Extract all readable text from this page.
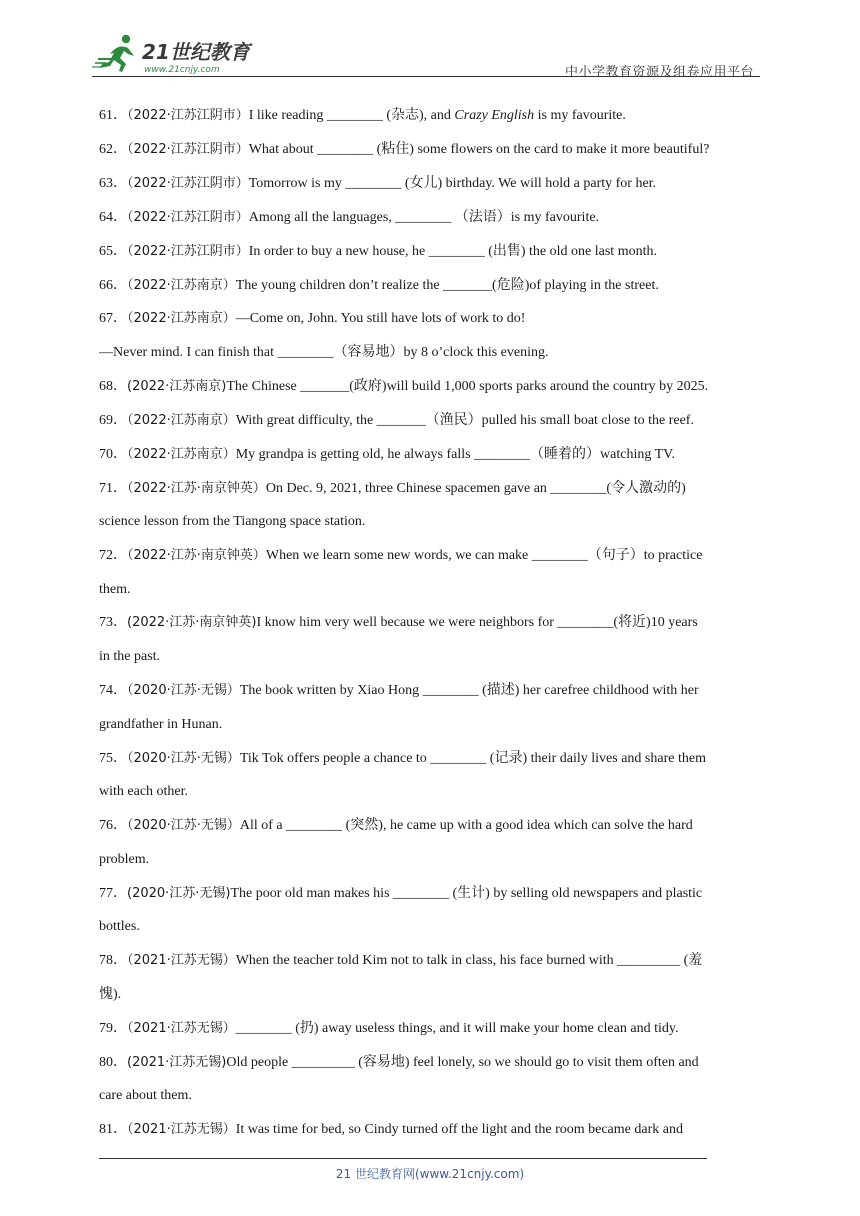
21世纪教育
www.21cnjy.com	中小学教育资源及组卷应用平台
61．（2022·江苏江阴市）I like reading ________ (杂志), and Crazy English is my favourite.
62．（2022·江苏江阴市）What about ________ (粘住) some flowers on the card to make it more beautiful?
63．（2022·江苏江阴市）Tomorrow is my ________ (女儿) birthday. We will hold a party for her.
64．（2022·江苏江阴市）Among all the languages, ________ （法语）is my favourite.
65．（2022·江苏江阴市）In order to buy a new house, he ________ (出售) the old one last month.
66．（2022·江苏南京）The young children don’t realize the _______(危险)of playing in the street.
67．（2022·江苏南京）—Come on, John. You still have lots of work to do!
—Never mind. I can finish that ________（容易地）by 8 o’clock this evening.
68．(2022·江苏南京)The Chinese _______(政府)will build 1,000 sports parks around the country by 2025.
69．（2022·江苏南京）With great difficulty, the _______（渔民）pulled his small boat close to the reef.
70．（2022·江苏南京）My grandpa is getting old, he always falls ________（睡着的）watching TV.
71．（2022·江苏·南京钟英）On Dec. 9, 2021, three Chinese spacemen gave an ________(令人激动的)
science lesson from the Tiangong space station.
72．（2022·江苏·南京钟英）When we learn some new words, we can make ________（句子）to practice
them.
73．(2022·江苏·南京钟英)I know him very well because we were neighbors for ________(将近)10 years
in the past.
74．（2020·江苏·无锡）The book written by Xiao Hong ________ (描述) her carefree childhood with her
grandfather in Hunan.
75．（2020·江苏·无锡）Tik Tok offers people a chance to ________ (记录) their daily lives and share them
with each other.
76．（2020·江苏·无锡）All of a ________ (突然), he came up with a good idea which can solve the hard
problem.
77．(2020·江苏·无锡)The poor old man makes his ________ (生计) by selling old newspapers and plastic
bottles.
78．（2021·江苏无锡）When the teacher told Kim not to talk in class, his face burned with _________ (羞
愧).
79．（2021·江苏无锡）________ (扔) away useless things, and it will make your home clean and tidy.
80．(2021·江苏无锡)Old people _________ (容易地) feel lonely, so we should go to visit them often and
care about them.
81．（2021·江苏无锡）It was time for bed, so Cindy turned off the light and the room became dark and
21 世纪教育网(www.21cnjy.com)
